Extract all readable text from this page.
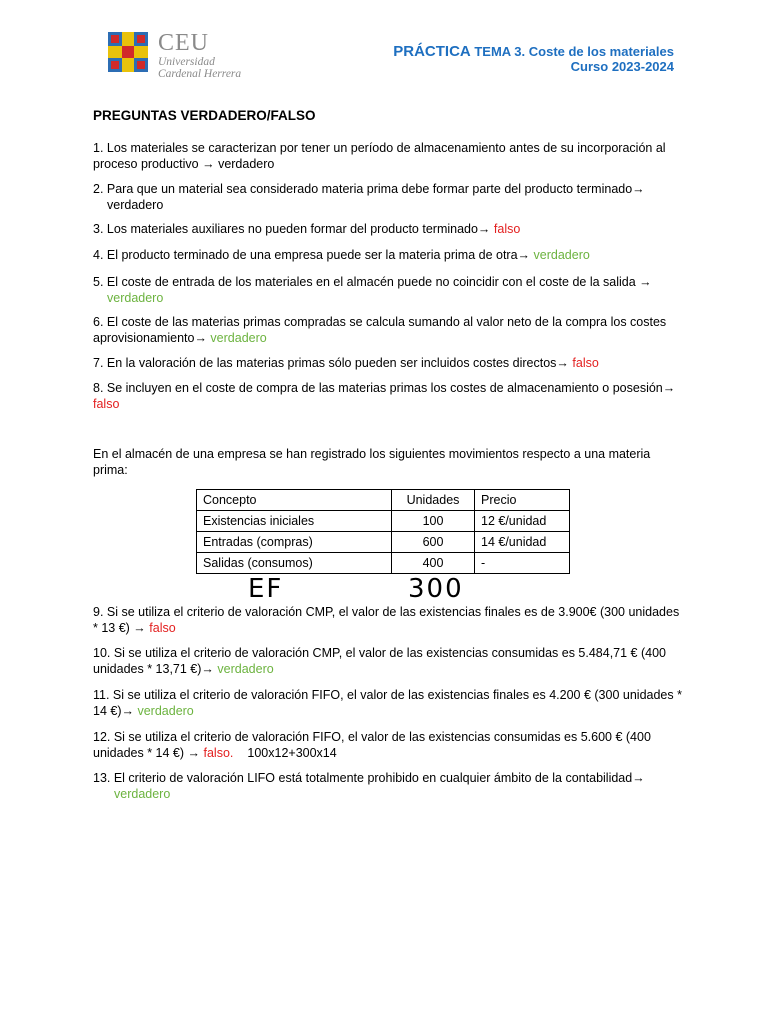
CEU
Universidad
Cardenal Herrera
PRÁCTICA TEMA 3. Coste de los materiales
Curso 2023-2024
PREGUNTAS VERDADERO/FALSO
1. Los materiales se caracterizan por tener un período de almacenamiento antes de su incorporación al proceso productivo → verdadero
2. Para que un material sea considerado materia prima debe formar parte del producto terminado→
verdadero
3. Los materiales auxiliares no pueden formar del producto terminado→ falso
4. El producto terminado de una empresa puede ser la materia prima de otra→ verdadero
5. El coste de entrada de los materiales en el almacén puede no coincidir con el coste de la salida →
verdadero
6. El coste de las materias primas compradas se calcula sumando al valor neto de la compra los costes aprovisionamiento→ verdadero
7. En la valoración de las materias primas sólo pueden ser incluidos costes directos→ falso
8. Se incluyen en el coste de compra de las materias primas los costes de almacenamiento o posesión→ falso
En el almacén de una empresa se han registrado los siguientes movimientos respecto a una materia prima:
Concepto	Unidades	Precio
Existencias iniciales	100	12 €/unidad
Entradas (compras)	600	14 €/unidad
Salidas (consumos)	400	-
EF	300
9. Si se utiliza el criterio de valoración CMP, el valor de las existencias finales es de 3.900€ (300 unidades * 13 €) → falso
10. Si se utiliza el criterio de valoración CMP, el valor de las existencias consumidas es 5.484,71 € (400 unidades * 13,71 €)→ verdadero
11. Si se utiliza el criterio de valoración FIFO, el valor de las existencias finales es 4.200 € (300 unidades * 14 €)→ verdadero
12. Si se utiliza el criterio de valoración FIFO, el valor de las existencias consumidas es 5.600 € (400 unidades * 14 €) → falso. 100x12+300x14
13. El criterio de valoración LIFO está totalmente prohibido en cualquier ámbito de la contabilidad→
verdadero
